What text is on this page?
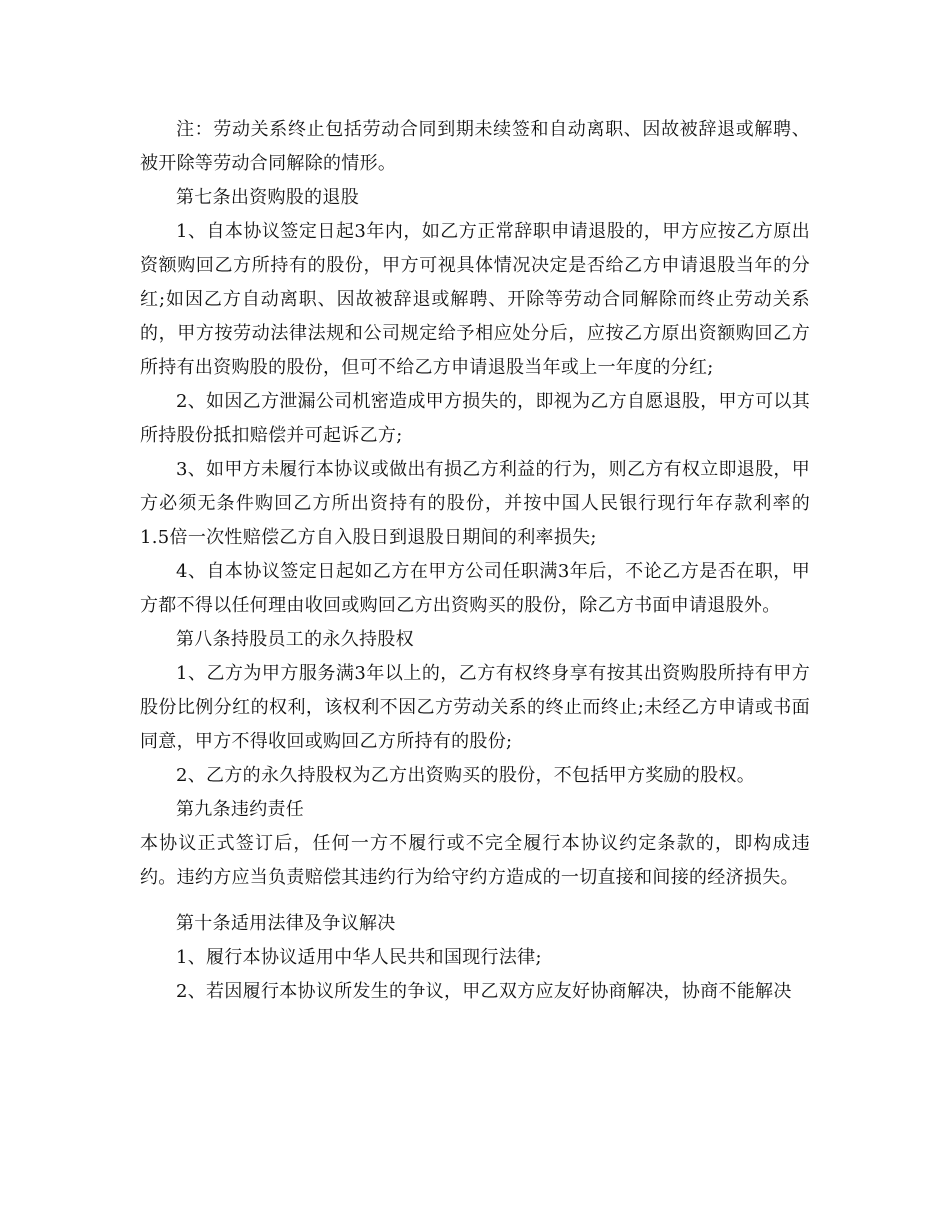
注：劳动关系终止包括劳动合同到期未续签和自动离职、因故被辞退或解聘、被开除等劳动合同解除的情形。

第七条出资购股的退股

1、自本协议签定日起3年内，如乙方正常辞职申请退股的，甲方应按乙方原出资额购回乙方所持有的股份，甲方可视具体情况决定是否给乙方申请退股当年的分红;如因乙方自动离职、因故被辞退或解聘、开除等劳动合同解除而终止劳动关系的，甲方按劳动法律法规和公司规定给予相应处分后，应按乙方原出资额购回乙方所持有出资购股的股份，但可不给乙方申请退股当年或上一年度的分红;

2、如因乙方泄漏公司机密造成甲方损失的，即视为乙方自愿退股，甲方可以其所持股份抵扣赔偿并可起诉乙方;

3、如甲方未履行本协议或做出有损乙方利益的行为，则乙方有权立即退股，甲方必须无条件购回乙方所出资持有的股份，并按中国人民银行现行年存款利率的1.5倍一次性赔偿乙方自入股日到退股日期间的利率损失;

4、自本协议签定日起如乙方在甲方公司任职满3年后，不论乙方是否在职，甲方都不得以任何理由收回或购回乙方出资购买的股份，除乙方书面申请退股外。

第八条持股员工的永久持股权

1、乙方为甲方服务满3年以上的，乙方有权终身享有按其出资购股所持有甲方股份比例分红的权利，该权利不因乙方劳动关系的终止而终止;未经乙方申请或书面同意，甲方不得收回或购回乙方所持有的股份;

2、乙方的永久持股权为乙方出资购买的股份，不包括甲方奖励的股权。

第九条违约责任

本协议正式签订后，任何一方不履行或不完全履行本协议约定条款的，即构成违约。违约方应当负责赔偿其违约行为给守约方造成的一切直接和间接的经济损失。

第十条适用法律及争议解决

1、履行本协议适用中华人民共和国现行法律;

2、若因履行本协议所发生的争议，甲乙双方应友好协商解决，协商不能解决
